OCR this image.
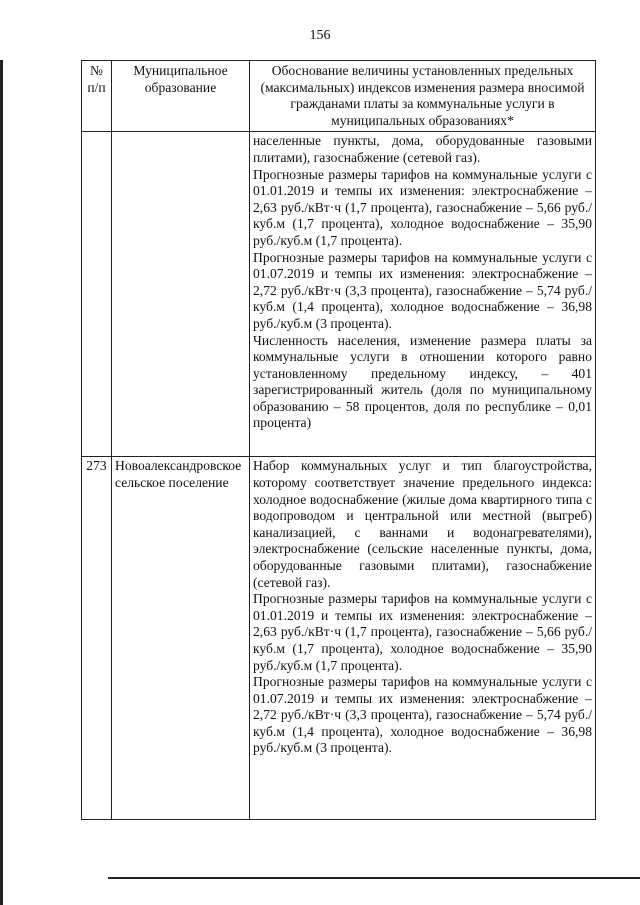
156
№ п/п	Муниципальное образование	Обоснование величины установленных предельных (максимальных) индексов изменения размера вносимой гражданами платы за коммунальные услуги в муниципальных образованиях*

		населенные пункты, дома, оборудованные газовыми плитами), газоснабжение (сетевой газ).

Прогнозные размеры тарифов на коммунальные услуги с 01.01.2019 и темпы их изменения: электроснабжение – 2,63 руб./кВт·ч (1,7 процента), газоснабжение – 5,66 руб./куб.м (1,7 процента), холодное водоснабжение – 35,90 руб./куб.м (1,7 процента).

Прогнозные размеры тарифов на коммунальные услуги с 01.07.2019 и темпы их изменения: электроснабжение – 2,72 руб./кВт·ч (3,3 процента), газоснабжение – 5,74 руб./куб.м (1,4 процента), холодное водоснабжение – 36,98 руб./куб.м (3 процента).

Численность населения, изменение размера платы за коммунальные услуги в отношении которого равно установленному предельному индексу, – 401 зарегистрированный житель (доля по муниципальному образованию – 58 процентов, доля по республике – 0,01 процента)

273	Новоалександровское сельское поселение	Набор коммунальных услуг и тип благоустройства, которому соответствует значение предельного индекса: холодное водоснабжение (жилые дома квартирного типа с водопроводом и центральной или местной (выгреб) канализацией, с ваннами и водонагревателями), электроснабжение (сельские населенные пункты, дома, оборудованные газовыми плитами), газоснабжение (сетевой газ).

Прогнозные размеры тарифов на коммунальные услуги с 01.01.2019 и темпы их изменения: электроснабжение – 2,63 руб./кВт·ч (1,7 процента), газоснабжение – 5,66 руб./куб.м (1,7 процента), холодное водоснабжение – 35,90 руб./куб.м (1,7 процента).

Прогнозные размеры тарифов на коммунальные услуги с 01.07.2019 и темпы их изменения: электроснабжение – 2,72 руб./кВт·ч (3,3 процента), газоснабжение – 5,74 руб./куб.м (1,4 процента), холодное водоснабжение – 36,98 руб./куб.м (3 процента).
